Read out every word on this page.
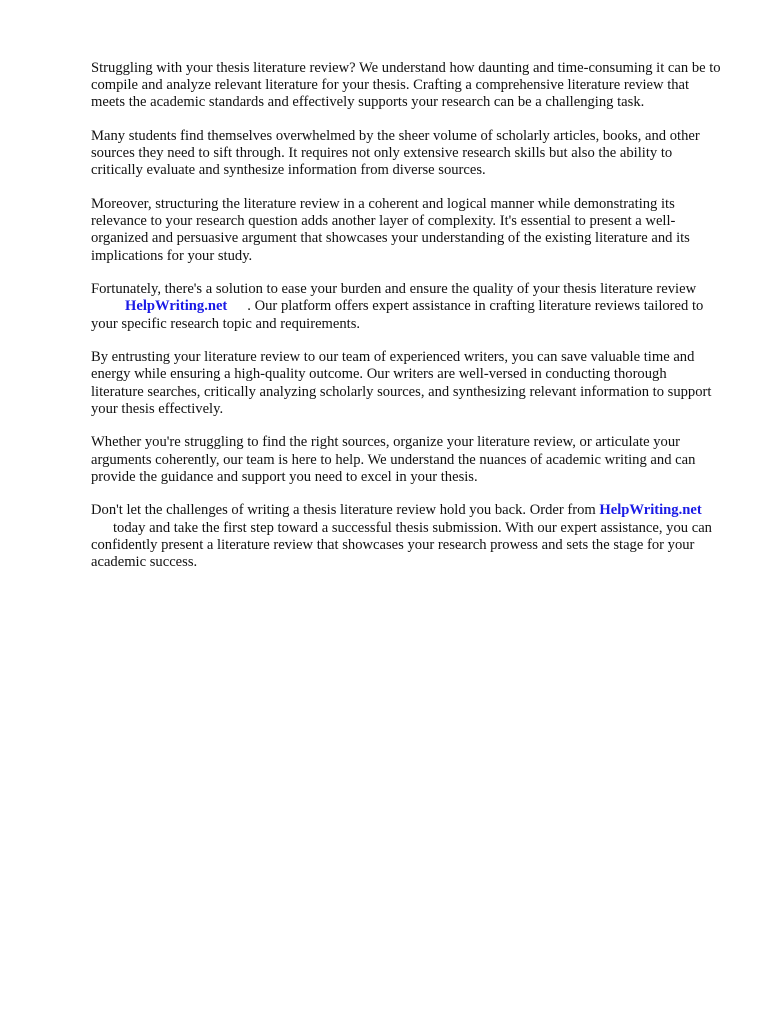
Struggling with your thesis literature review? We understand how daunting and time-consuming it can be to compile and analyze relevant literature for your thesis. Crafting a comprehensive literature review that meets the academic standards and effectively supports your research can be a challenging task.

Many students find themselves overwhelmed by the sheer volume of scholarly articles, books, and other sources they need to sift through. It requires not only extensive research skills but also the ability to critically evaluate and synthesize information from diverse sources.

Moreover, structuring the literature review in a coherent and logical manner while demonstrating its relevance to your research question adds another layer of complexity. It's essential to present a well-organized and persuasive argument that showcases your understanding of the existing literature and its implications for your study.

Fortunately, there's a solution to ease your burden and ensure the quality of your thesis literature reviewHelpWriting.net . Our platform offers expert assistance in crafting literature reviews tailored to your specific research topic and requirements.

By entrusting your literature review to our team of experienced writers, you can save valuable time and energy while ensuring a high-quality outcome. Our writers are well-versed in conducting thorough literature searches, critically analyzing scholarly sources, and synthesizing relevant information to support your thesis effectively.

Whether you're struggling to find the right sources, organize your literature review, or articulate your arguments coherently, our team is here to help. We understand the nuances of academic writing and can provide the guidance and support you need to excel in your thesis.

Don't let the challenges of writing a thesis literature review hold you back. Order from HelpWriting.nettoday and take the first step toward a successful thesis submission. With our expert assistance, you can confidently present a literature review that showcases your research prowess and sets the stage for your academic success.
